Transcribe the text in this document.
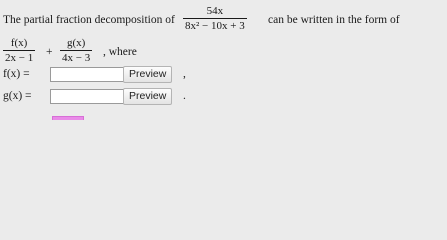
The partial fraction decomposition of
54x
8x² − 10x + 3 can be written in the form of
f(x)
2x − 1 +
g(x)
4x − 3 , where
f(x) =	Preview	,
g(x) =	Preview	.
